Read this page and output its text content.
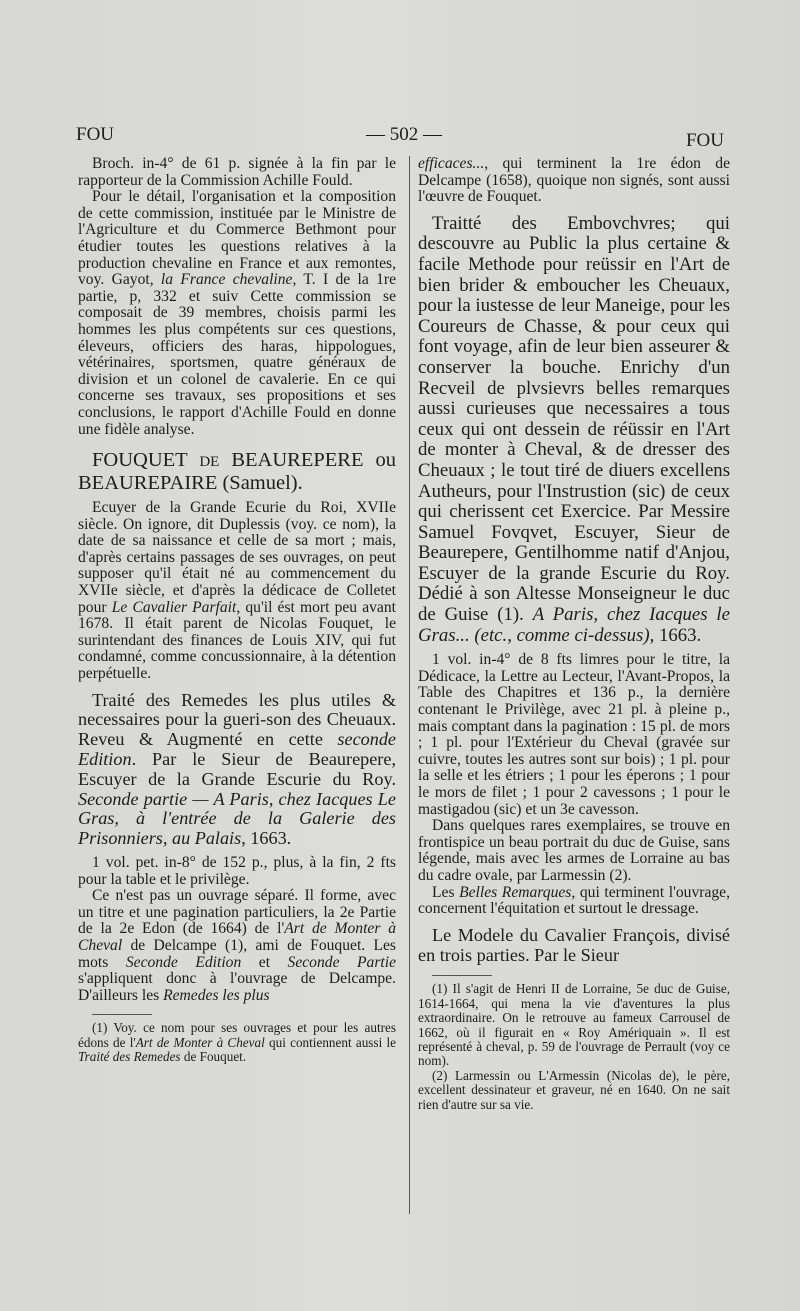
FOU	— 502 —	FOU

Broch. in-4° de 61 p. signée à la fin par le rapporteur de la Commission Achille Fould.

Pour le détail, l'organisation et la composition de cette commission, instituée par le Ministre de l'Agriculture et du Commerce Bethmont pour étudier toutes les questions relatives à la production chevaline en France et aux remontes, voy. Gayot, la France chevaline, T. I de la 1re partie, p, 332 et suiv Cette commission se composait de 39 membres, choisis parmi les hommes les plus compétents sur ces questions, éleveurs, officiers des haras, hippologues, vétérinaires, sportsmen, quatre généraux de division et un colonel de cavalerie. En ce qui concerne ses travaux, ses propositions et ses conclusions, le rapport d'Achille Fould en donne une fidèle analyse.

FOUQUET DE BEAUREPERE ou BEAUREPAIRE (Samuel).

Ecuyer de la Grande Ecurie du Roi, XVIIe siècle. On ignore, dit Duplessis (voy. ce nom), la date de sa naissance et celle de sa mort ; mais, d'après certains passages de ses ouvrages, on peut supposer qu'il était né au commencement du XVIIe siècle, et d'après la dédicace de Colletet pour Le Cavalier Parfait, qu'il ést mort peu avant 1678. Il était parent de Nicolas Fouquet, le surintendant des finances de Louis XIV, qui fut condamné, comme concussionnaire, à la détention perpétuelle.

Traité des Remedes les plus utiles & necessaires pour la gueri-son des Cheuaux. Reveu & Augmenté en cette seconde Edition. Par le Sieur de Beaurepere, Escuyer de la Grande Escurie du Roy. Seconde partie — A Paris, chez Iacques Le Gras, à l'entrée de la Galerie des Prisonniers, au Palais, 1663.

1 vol. pet. in-8° de 152 p., plus, à la fin, 2 fts pour la table et le privilège.

Ce n'est pas un ouvrage séparé. Il forme, avec un titre et une pagination particuliers, la 2e Partie de la 2e Edon (de 1664) de l'Art de Monter à Cheval de Delcampe (1), ami de Fouquet. Les mots Seconde Edition et Seconde Partie s'appliquent donc à l'ouvrage de Delcampe. D'ailleurs les Remedes les plus

(1) Voy. ce nom pour ses ouvrages et pour les autres édons de l'Art de Monter à Cheval qui contiennent aussi le Traité des Remedes de Fouquet.

efficaces..., qui terminent la 1re édon de Delcampe (1658), quoique non signés, sont aussi l'œuvre de Fouquet.

Traitté des Embovchvres; qui descouvre au Public la plus certaine & facile Methode pour reüssir en l'Art de bien brider & emboucher les Cheuaux, pour la iustesse de leur Maneige, pour les Coureurs de Chasse, & pour ceux qui font voyage, afin de leur bien asseurer & conserver la bouche. Enrichy d'un Recveil de plvsievrs belles remarques aussi curieuses que necessaires a tous ceux qui ont dessein de réüssir en l'Art de monter à Cheval, & de dresser des Cheuaux ; le tout tiré de diuers excellens Autheurs, pour l'Instrustion (sic) de ceux qui cherissent cet Exercice. Par Messire Samuel Fovqvet, Escuyer, Sieur de Beaurepere, Gentilhomme natif d'Anjou, Escuyer de la grande Escurie du Roy. Dédié à son Altesse Monseigneur le duc de Guise (1). A Paris, chez Iacques le Gras... (etc., comme ci-dessus), 1663.

1 vol. in-4° de 8 fts limres pour le titre, la Dédicace, la Lettre au Lecteur, l'Avant-Propos, la Table des Chapitres et 136 p., la dernière contenant le Privilège, avec 21 pl. à pleine p., mais comptant dans la pagination : 15 pl. de mors ; 1 pl. pour l'Extérieur du Cheval (gravée sur cuivre, toutes les autres sont sur bois) ; 1 pl. pour la selle et les étriers ; 1 pour les éperons ; 1 pour le mors de filet ; 1 pour 2 cavessons ; 1 pour le mastigadou (sic) et un 3e cavesson.

Dans quelques rares exemplaires, se trouve en frontispice un beau portrait du duc de Guise, sans légende, mais avec les armes de Lorraine au bas du cadre ovale, par Larmessin (2).

Les Belles Remarques, qui terminent l'ouvrage, concernent l'équitation et surtout le dressage.

Le Modele du Cavalier François, divisé en trois parties. Par le Sieur

(1) Il s'agit de Henri II de Lorraine, 5e duc de Guise, 1614-1664, qui mena la vie d'aventures la plus extraordinaire. On le retrouve au fameux Carrousel de 1662, où il figurait en « Roy Amériquain ». Il est représenté à cheval, p. 59 de l'ouvrage de Perrault (voy ce nom).

(2) Larmessin ou L'Armessin (Nicolas de), le père, excellent dessinateur et graveur, né en 1640. On ne sait rien d'autre sur sa vie.
